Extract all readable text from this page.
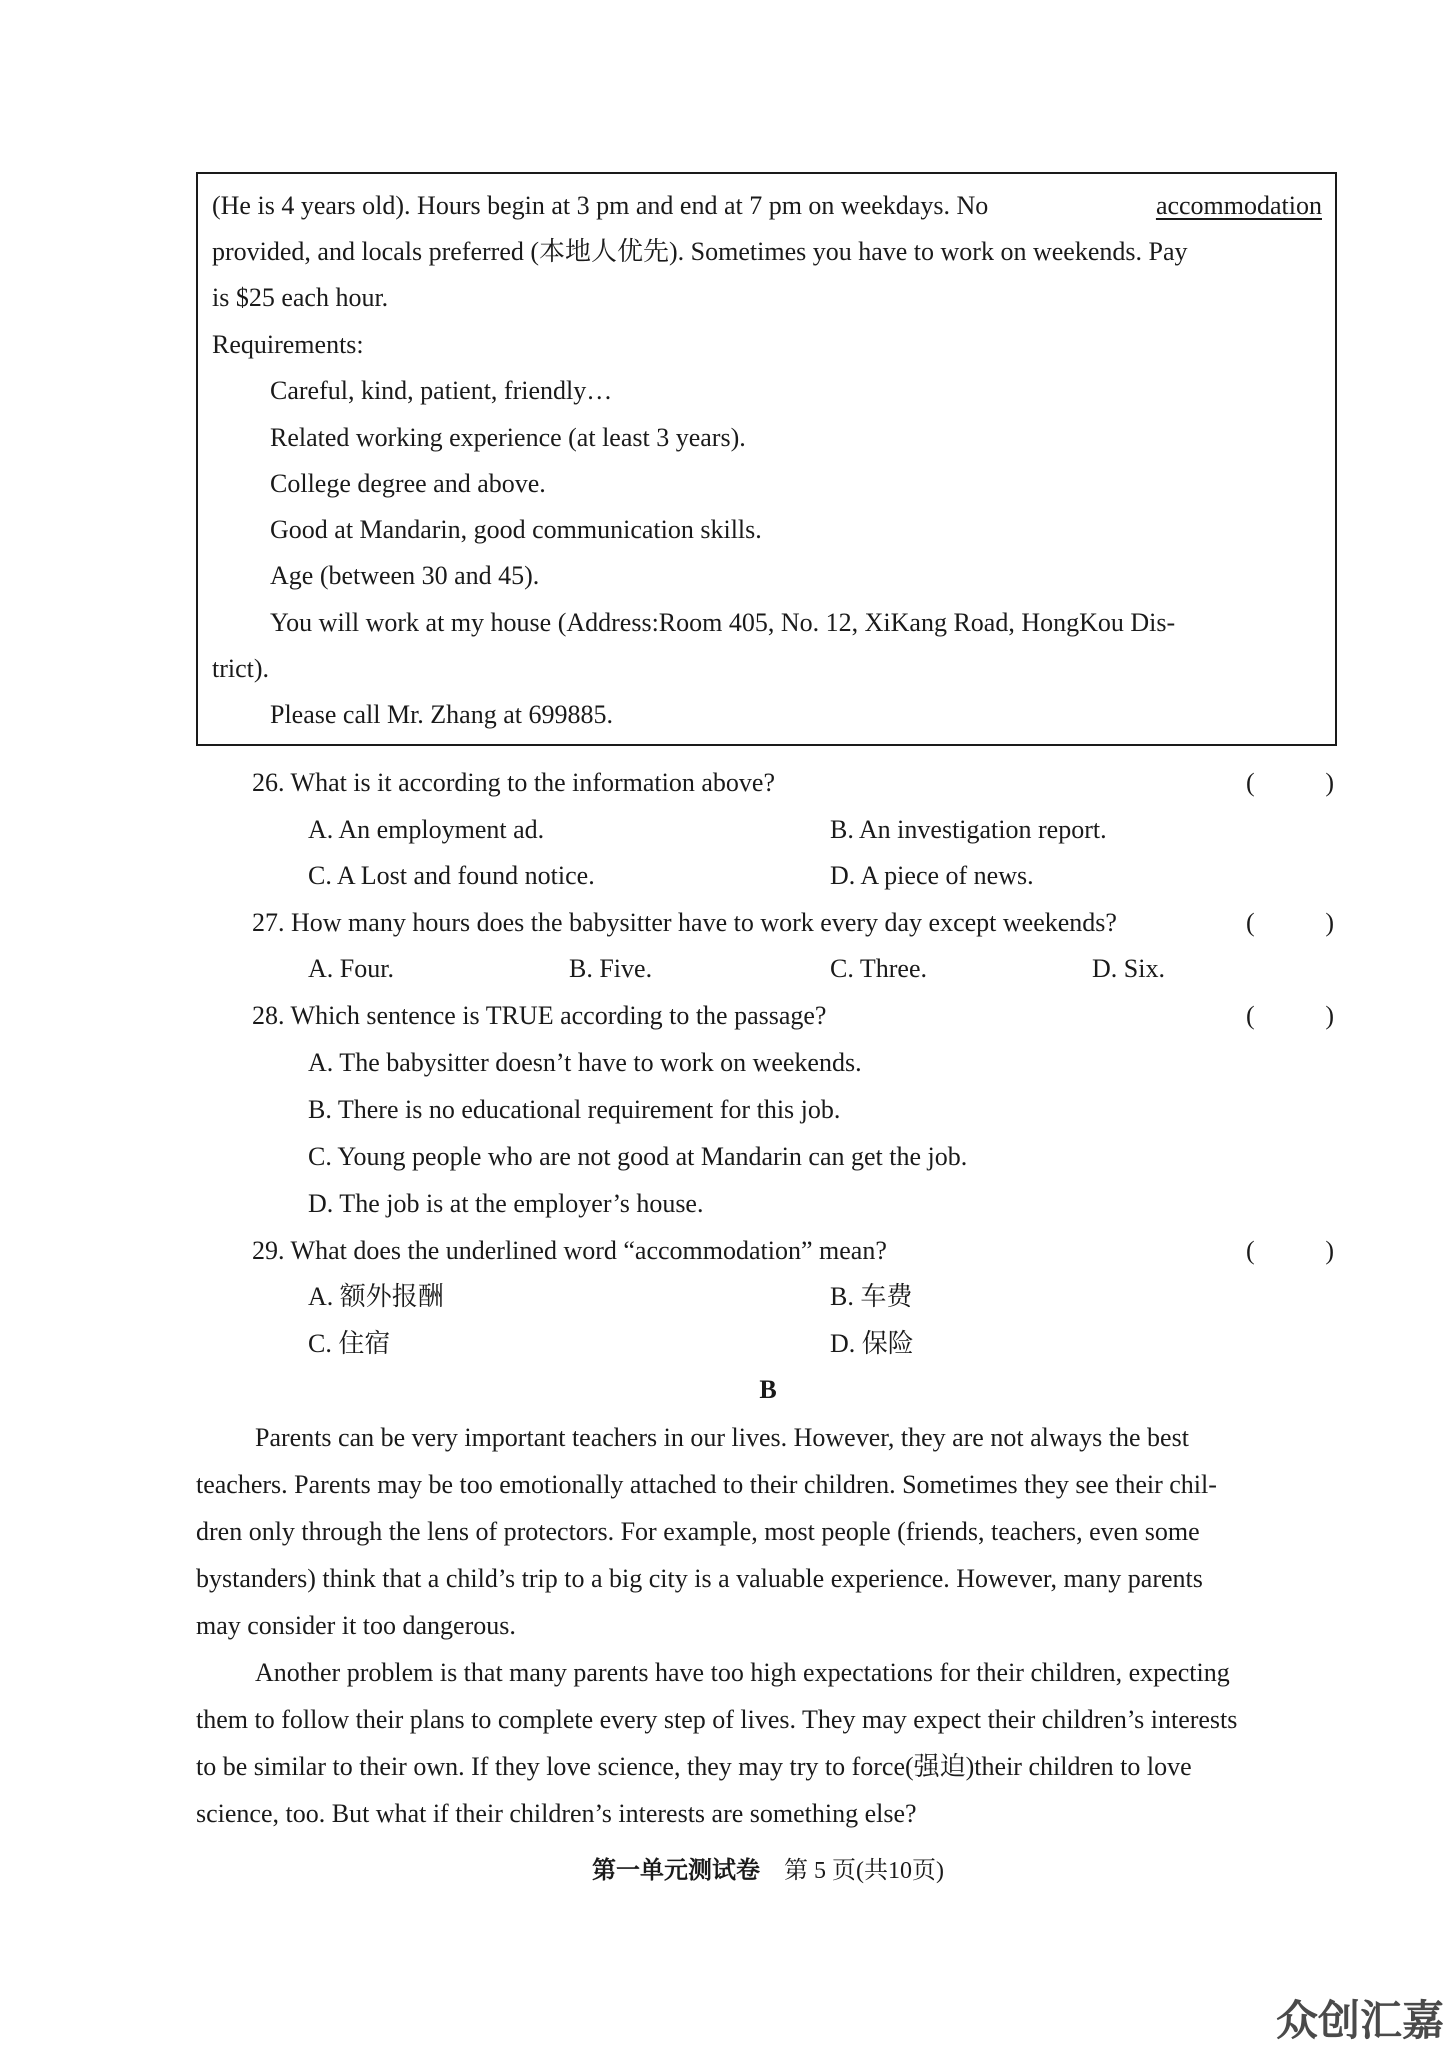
(He is 4 years old). Hours begin at 3 pm and end at 7 pm on weekdays. No	accommodation
provided, and locals preferred (本地人优先). Sometimes you have to work on weekends. Pay
is $25 each hour.
Requirements:
Careful, kind, patient, friendly…
Related working experience (at least 3 years).
College degree and above.
Good at Mandarin, good communication skills.
Age (between 30 and 45).
You will work at my house (Address:Room 405, No. 12, XiKang Road, HongKou Dis-
trict).
Please call Mr. Zhang at 699885.
26. What is it according to the information above?	(	)
A. An employment ad.	B. An investigation report.
C. A Lost and found notice.	D. A piece of news.
27. How many hours does the babysitter have to work every day except weekends?	(	)
A. Four.	B. Five.	C. Three.	D. Six.
28. Which sentence is TRUE according to the passage?	(	)
A. The babysitter doesn’t have to work on weekends.
B. There is no educational requirement for this job.
C. Young people who are not good at Mandarin can get the job.
D. The job is at the employer’s house.
29. What does the underlined word “accommodation” mean?	(	)
A. 额外报酬	B. 车费
C. 住宿	D. 保险
B
Parents can be very important teachers in our lives. However, they are not always the best
teachers. Parents may be too emotionally attached to their children. Sometimes they see their chil-
dren only through the lens of protectors. For example, most people (friends, teachers, even some
bystanders) think that a child’s trip to a big city is a valuable experience. However, many parents
may consider it too dangerous.
Another problem is that many parents have too high expectations for their children, expecting
them to follow their plans to complete every step of lives. They may expect their children’s interests
to be similar to their own. If they love science, they may try to force(强迫)their children to love
science, too. But what if their children’s interests are something else?
第一单元测试卷 第 5 页(共10页)
众创汇嘉
